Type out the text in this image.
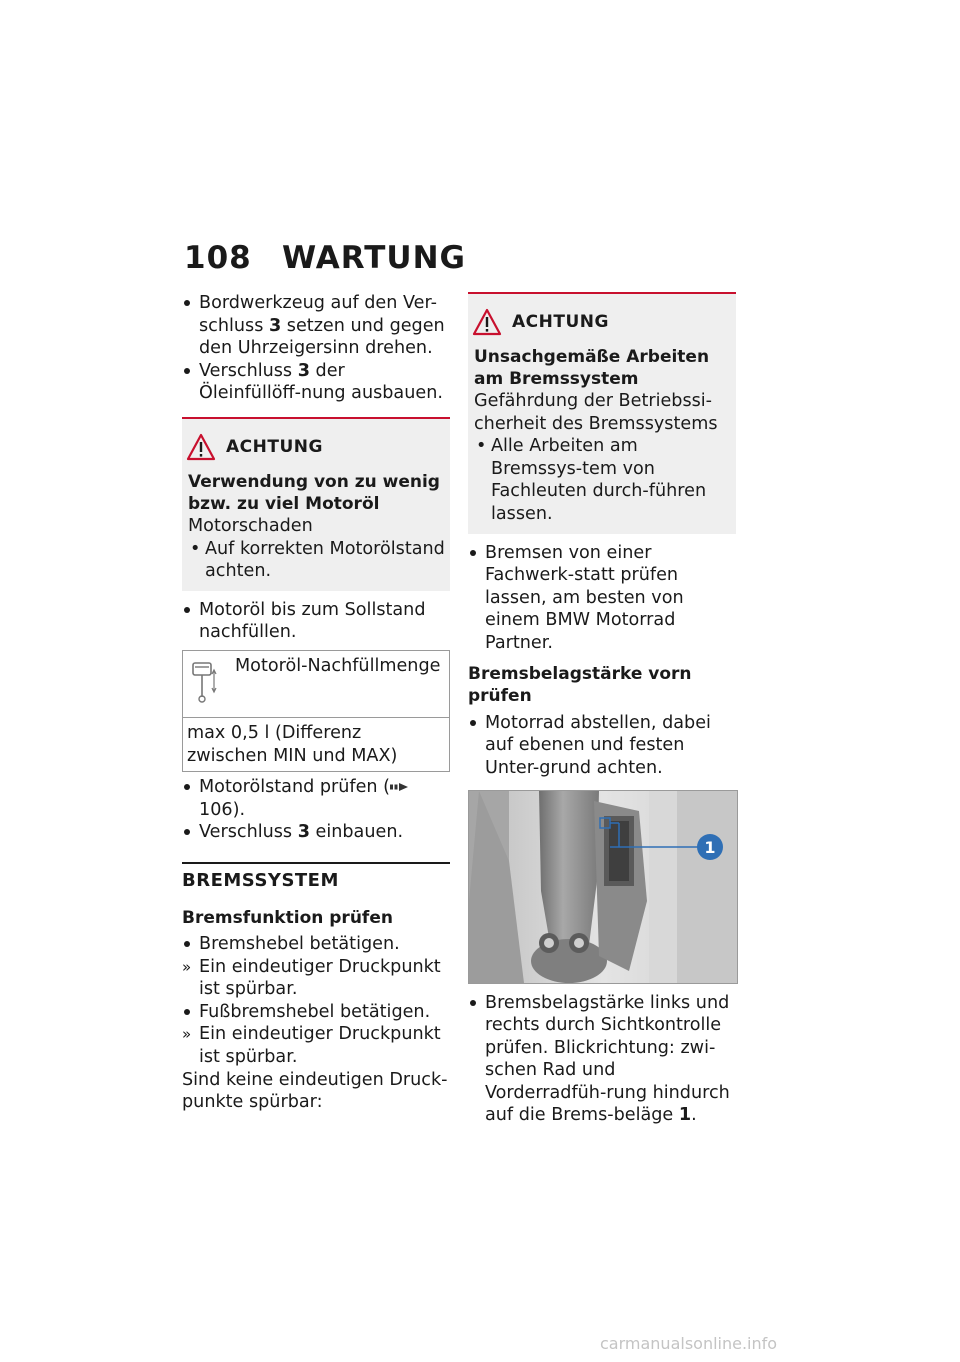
108 WARTUNG

Bordwerkzeug auf den Ver-schluss 3 setzen und gegen den Uhrzeigersinn drehen.

Verschluss 3 der Öleinfüllöff-nung ausbauen.

ACHTUNG

Verwendung von zu wenig bzw. zu viel Motoröl

Motorschaden

• Auf korrekten Motorölstand achten.

Motoröl bis zum Sollstand nachfüllen.

Motoröl-Nachfüllmenge
max 0,5 l (Differenz zwischen MIN und MAX)

Motorölstand prüfen (106).

Verschluss 3 einbauen.

BREMSSYSTEM

Bremsfunktion prüfen

Bremshebel betätigen.

» Ein eindeutiger Druckpunkt ist spürbar.

Fußbremshebel betätigen.

» Ein eindeutiger Druckpunkt ist spürbar.

Sind keine eindeutigen Druck-punkte spürbar:

ACHTUNG

Unsachgemäße Arbeiten am Bremssystem

Gefährdung der Betriebssi-cherheit des Bremssystems

• Alle Arbeiten am Bremssys-tem von Fachleuten durch-führen lassen.

Bremsen von einer Fachwerk-statt prüfen lassen, am besten von einem BMW Motorrad Partner.

Bremsbelagstärke vorn prüfen

Motorrad abstellen, dabei auf ebenen und festen Unter-grund achten.

1

Bremsbelagstärke links und rechts durch Sichtkontrolle prüfen. Blickrichtung: zwi-schen Rad und Vorderradfüh-rung hindurch auf die Brems-beläge 1.

carmanualsonline.info
